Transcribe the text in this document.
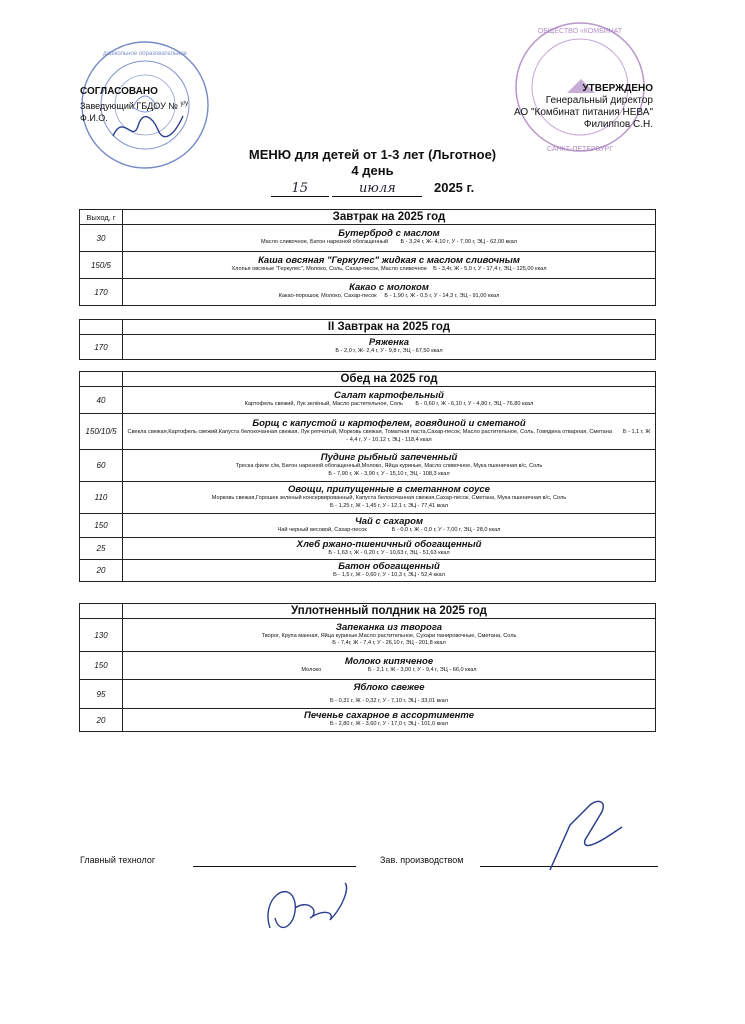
дошкольное образовательное
ОБЩЕСТВО «КОМБИНАТ
САНКТ-ПЕТЕРБУРГ
СОГЛАСОВАНО
Заведующий ГБДОУ № $^{у/у}$
Ф.И.О.
УТВЕРЖДЕНО
Генеральный директор
АО "Комбинат питания НЕВА"
Филиппов С.Н.
МЕНЮ для детей от 1-3 лет (Льготное)
4 день
15	июля	2025 г.
Выход, г	Завтрак на 2025 год
30	Бутерброд с маслом
Масло сливочное, Батон нарезной обогащенный Б - 3,24 г, Ж- 4,10 г, У - 7,00 г, ЭЦ - 62,00 ккал

150/5	Каша овсяная "Геркулес" жидкая с маслом сливочным
Хлопья овсяные "Геркулес", Молоко, Соль, Сахар-песок, Масло сливочное Б - 3,4г, Ж - 5,0 г, У - 17,4 г, ЭЦ - 125,00 ккал

170	Какао с молоком
Какао-порошок, Молоко, Сахар-песок Б - 1,90 г, Ж - 0,5 г, У - 14,3 г, ЭЦ - 91,00 ккал
	II Завтрак на 2025 год
170	Ряженка
Б - 2,0 г, Ж- 2,4 г, У - 9,8 г, ЭЦ - 67,50 ккал
	Обед на 2025 год
40	Салат картофельный
Картофель свежий, Лук зелёный, Масло растительное, Соль Б - 0,60 г, Ж - 6,10 г, У - 4,80 г, ЭЦ - 76,80 ккал

150/10/5	Борщ с капустой и картофелем, говядиной и сметаной
Свекла свежая,Картофель свежий,Капуста белокочанная свежая, Лук репчатый, Морковь свежая, Томатная паста,Сахар-песок, Масло растительное, Соль, Говядина отварная, Сметана Б - 1,1 г, Ж - 4,4 г, У - 10,12 г, ЭЦ - 118,4 ккал

60	Пудинг рыбный запеченный
Треска филе с/м, Батон нарезной обогащенный,Молоко, Яйца куриные, Масло сливочное, Мука пшеничная в/с, Соль
Б - 7,90 г, Ж - 3,90 г, У - 15,10 г, ЭЦ - 108,3 ккал

110	Овощи, припущенные в сметанном соусе
Морковь свежая,Горошек зеленый консервированный, Капуста белокочанная свежая,Сахар-песок, Сметана, Мука пшеничная в/с, Соль
Б - 1,25 г, Ж - 1,45 г, У - 12,1 г, ЭЦ - 77,41 ккал

150	Чай с сахаром
Чай черный весовой, Сахар-песок Б - 0,0 г, Ж - 0,0 г, У - 7,00 г, ЭЦ - 28,0 ккал

25	Хлеб ржано-пшеничный обогащенный
Б - 1,63 г, Ж - 0,20 г, У - 10,63 г, ЭЦ - 51,63 ккал

20	Батон обогащенный
Б - 1,5 г, Ж - 0,60 г, У - 10,3 г, ЭЦ - 52,4 ккал
	Уплотненный полдник на 2025 год
130	Запеканка из творога
Творог, Крупа манная, Яйца куриные,Масло растительное, Сухари панировочные, Сметана, Соль
Б - 7,4г, Ж - 7,4 г, У - 26,10 г, ЭЦ - 201,8 ккал

150	Молоко кипяченое
Молоко Б - 2,1 г, Ж - 3,00 г, У - 9,4 г, ЭЦ - 66,0 ккал

95	Яблоко свежее
Б - 0,31 г, Ж - 0,32 г, У - 7,10 г, ЭЦ - 33,01 ккал

20	Печенье сахарное в ассортименте
Б - 2,80 г, Ж - 3,60 г, У - 17,0 г, ЭЦ - 101,0 ккал
Главный технолог	Зав. производством
